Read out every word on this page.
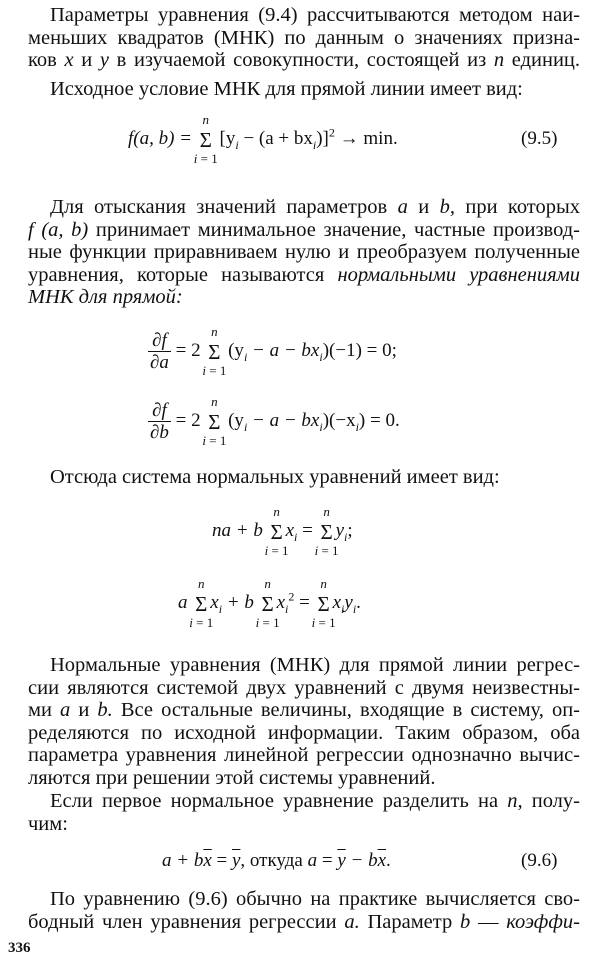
Параметры уравнения (9.4) рассчитываются методом наи-
меньших квадратов (МНК) по данным о значениях призна-
ков x и y в изучаемой совокупности, состоящей из n единиц.
Исходное условие МНК для прямой линии имеет вид:
f(a, b) =
n
Σ
i = 1
$[y_i - (a + bx_i)]^2 \to \min$.	(9.5)
Для отыскания значений параметров a и b, при которых
f (a, b) принимает минимальное значение, частные производ-
ные функции приравниваем нулю и преобразуем полученные
уравнения, которые называются нормальными уравнениями
МНК для прямой:
$\frac{\partial f}{\partial a} = 2$
n
Σ
i = 1
$(y_i - a - bx_i)(-1) = 0$;
$\frac{\partial f}{\partial b} = 2$
n
Σ
i = 1
$(y_i - a - bx_i)(-x_i) = 0$.
Отсюда система нормальных уравнений имеет вид:
na + b
n
Σ
i = 1
$x_i$ =
n
Σ
i = 1
$y_i$;
a
n
Σ
i = 1
$x_i + b$
n
Σ
i = 1
$x_i^2$ =
n
Σ
i = 1
$x_iy_i$.
Нормальные уравнения (МНК) для прямой линии регрес-
сии являются системой двух уравнений с двумя неизвестны-
ми a и b. Все остальные величины, входящие в систему, оп-
ределяются по исходной информации. Таким образом, оба
параметра уравнения линейной регрессии однозначно вычис-
ляются при решении этой системы уравнений.
Если первое нормальное уравнение разделить на n, полу-
чим:
$a + b\overline{x} = \overline{y}$, откуда $a = \overline{y} - b\overline{x}$.	(9.6)
По уравнению (9.6) обычно на практике вычисляется сво-
бодный член уравнения регрессии a. Параметр b — коэффи-
336
